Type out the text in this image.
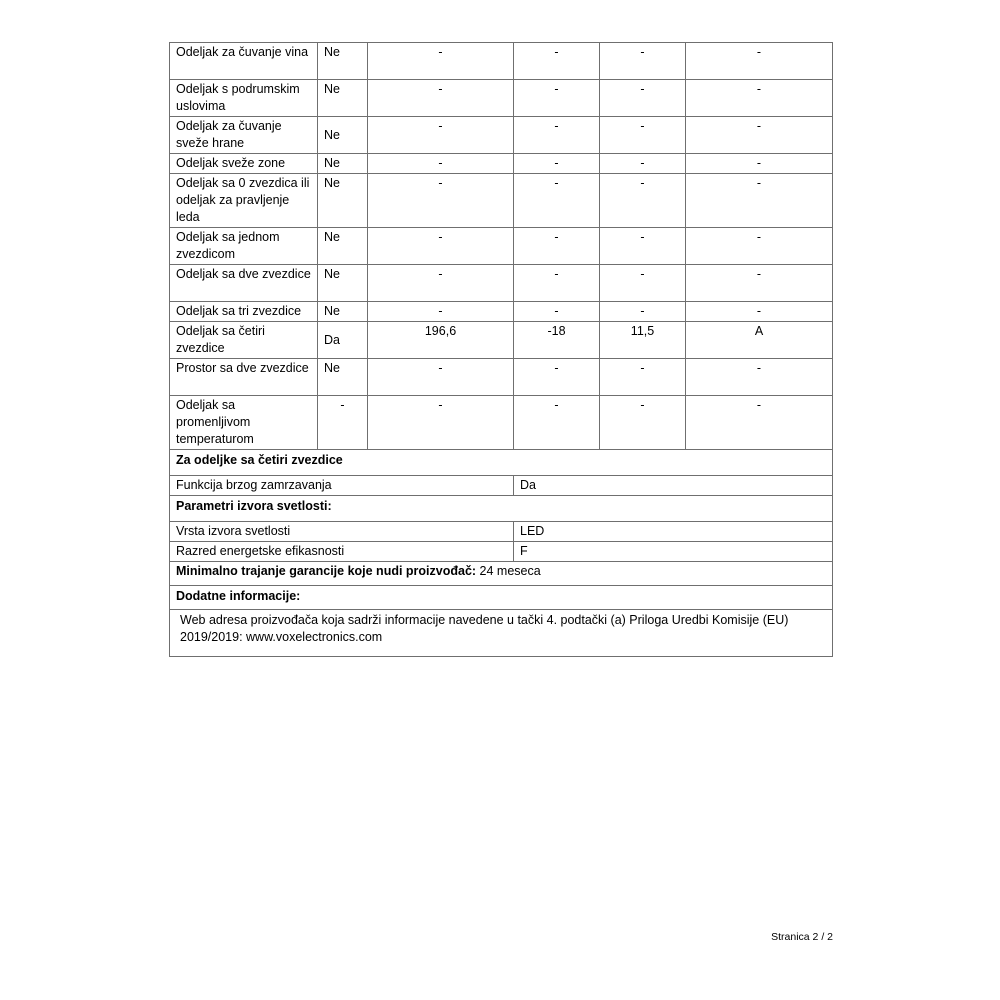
Odeljak za čuvanje vina	Ne	-	-	-	-
Odeljak s podrumskim uslovima	Ne	-	-	-	-
Odeljak za čuvanje sveže hrane	Ne	-	-	-	-
Odeljak sveže zone	Ne	-	-	-	-
Odeljak sa 0 zvezdica ili odeljak za pravljenje leda	Ne	-	-	-	-
Odeljak sa jednom zvezdicom	Ne	-	-	-	-
Odeljak sa dve zvezdice	Ne	-	-	-	-
Odeljak sa tri zvezdice	Ne	-	-	-	-
Odeljak sa četiri zvezdice	Da	196,6	-18	11,5	A
Prostor sa dve zvezdice	Ne	-	-	-	-
Odeljak sa promenljivom temperaturom	-	-	-	-	-
Za odeljke sa četiri zvezdice					
Funkcija brzog zamrzavanja			Da		
Parametri izvora svetlosti:					
Vrsta izvora svetlosti			LED		
Razred energetske efikasnosti			F		
Minimalno trajanje garancije koje nudi proizvođač: 24 meseca					
Dodatne informacije:					
Web adresa proizvođača koja sadrži informacije navedene u tački 4. podtački (a) Priloga Uredbi Komisije (EU) 2019/2019: www.voxelectronics.com					
Stranica 2 / 2
